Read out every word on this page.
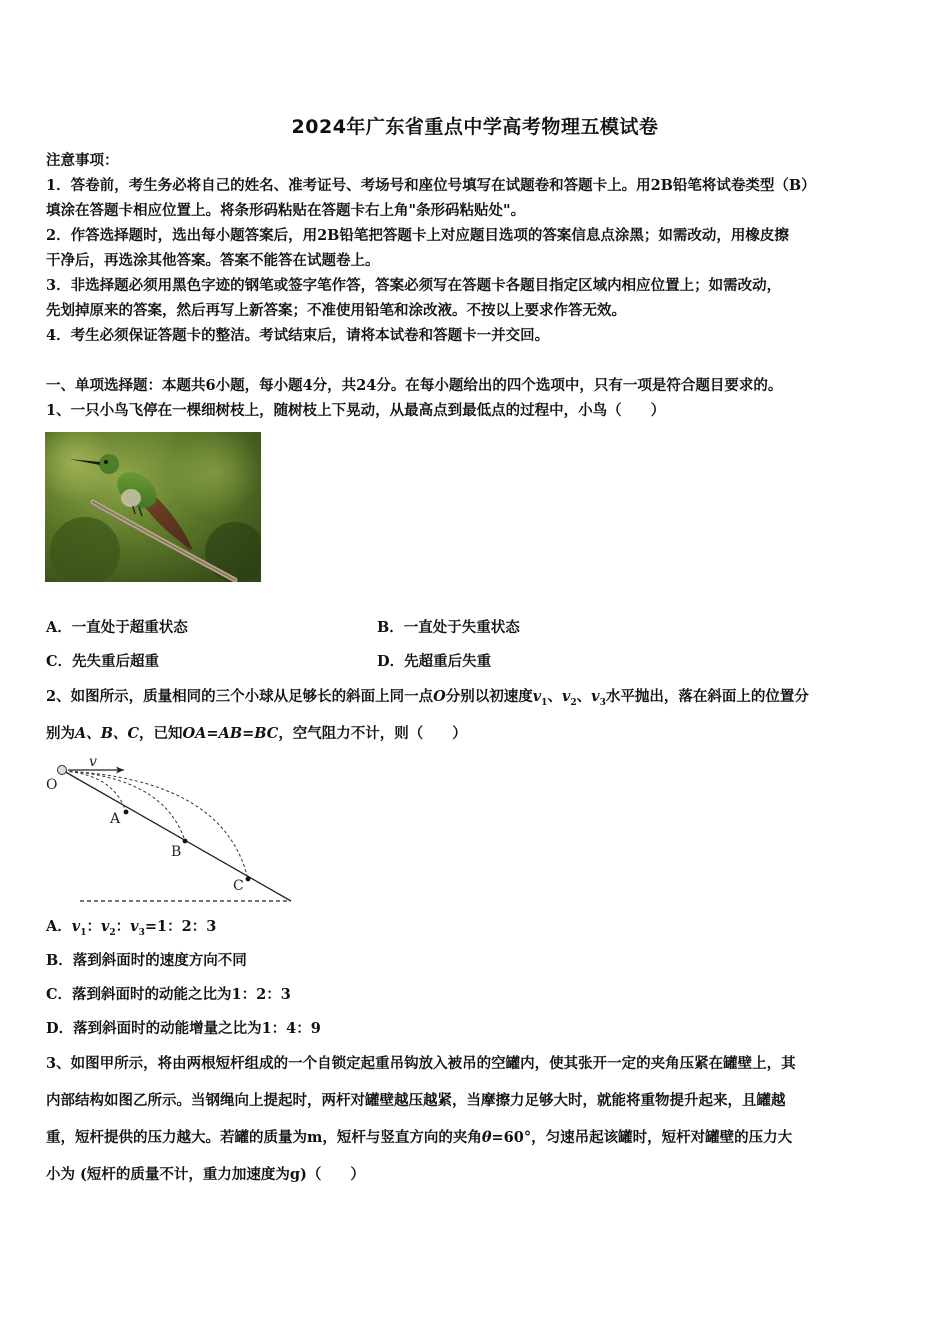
2024年广东省重点中学高考物理五模试卷
注意事项：
1．答卷前，考生务必将自己的姓名、准考证号、考场号和座位号填写在试题卷和答题卡上。用2B铅笔将试卷类型（B）
填涂在答题卡相应位置上。将条形码粘贴在答题卡右上角"条形码粘贴处"。
2．作答选择题时，选出每小题答案后，用2B铅笔把答题卡上对应题目选项的答案信息点涂黑；如需改动，用橡皮擦
干净后，再选涂其他答案。答案不能答在试题卷上。
3．非选择题必须用黑色字迹的钢笔或签字笔作答，答案必须写在答题卡各题目指定区域内相应位置上；如需改动，
先划掉原来的答案，然后再写上新答案；不准使用铅笔和涂改液。不按以上要求作答无效。
4．考生必须保证答题卡的整洁。考试结束后，请将本试卷和答题卡一并交回。
一、单项选择题：本题共6小题，每小题4分，共24分。在每小题给出的四个选项中，只有一项是符合题目要求的。
1、一只小鸟飞停在一棵细树枝上，随树枝上下晃动，从最高点到最低点的过程中，小鸟（　　）
A．一直处于超重状态	B．一直处于失重状态
C．先失重后超重	D．先超重后失重
2、如图所示，质量相同的三个小球从足够长的斜面上同一点O分别以初速度$v_1$、$v_2$、$v_3$水平抛出，落在斜面上的位置分
别为A、B、C，已知OA=AB=BC，空气阻力不计，则（　　）
v
O
A
B
C
A．$v_1$：$v_2$：$v_3=1$：2：3
B．落到斜面时的速度方向不同
C．落到斜面时的动能之比为1：2：3
D．落到斜面时的动能增量之比为1：4：9
3、如图甲所示，将由两根短杆组成的一个自锁定起重吊钩放入被吊的空罐内，使其张开一定的夹角压紧在罐壁上，其
内部结构如图乙所示。当钢绳向上提起时，两杆对罐壁越压越紧，当摩擦力足够大时，就能将重物提升起来，且罐越
重，短杆提供的压力越大。若罐的质量为m，短杆与竖直方向的夹角θ=60°，匀速吊起该罐时，短杆对罐壁的压力大
小为 (短杆的质量不计，重力加速度为g)（　　）
